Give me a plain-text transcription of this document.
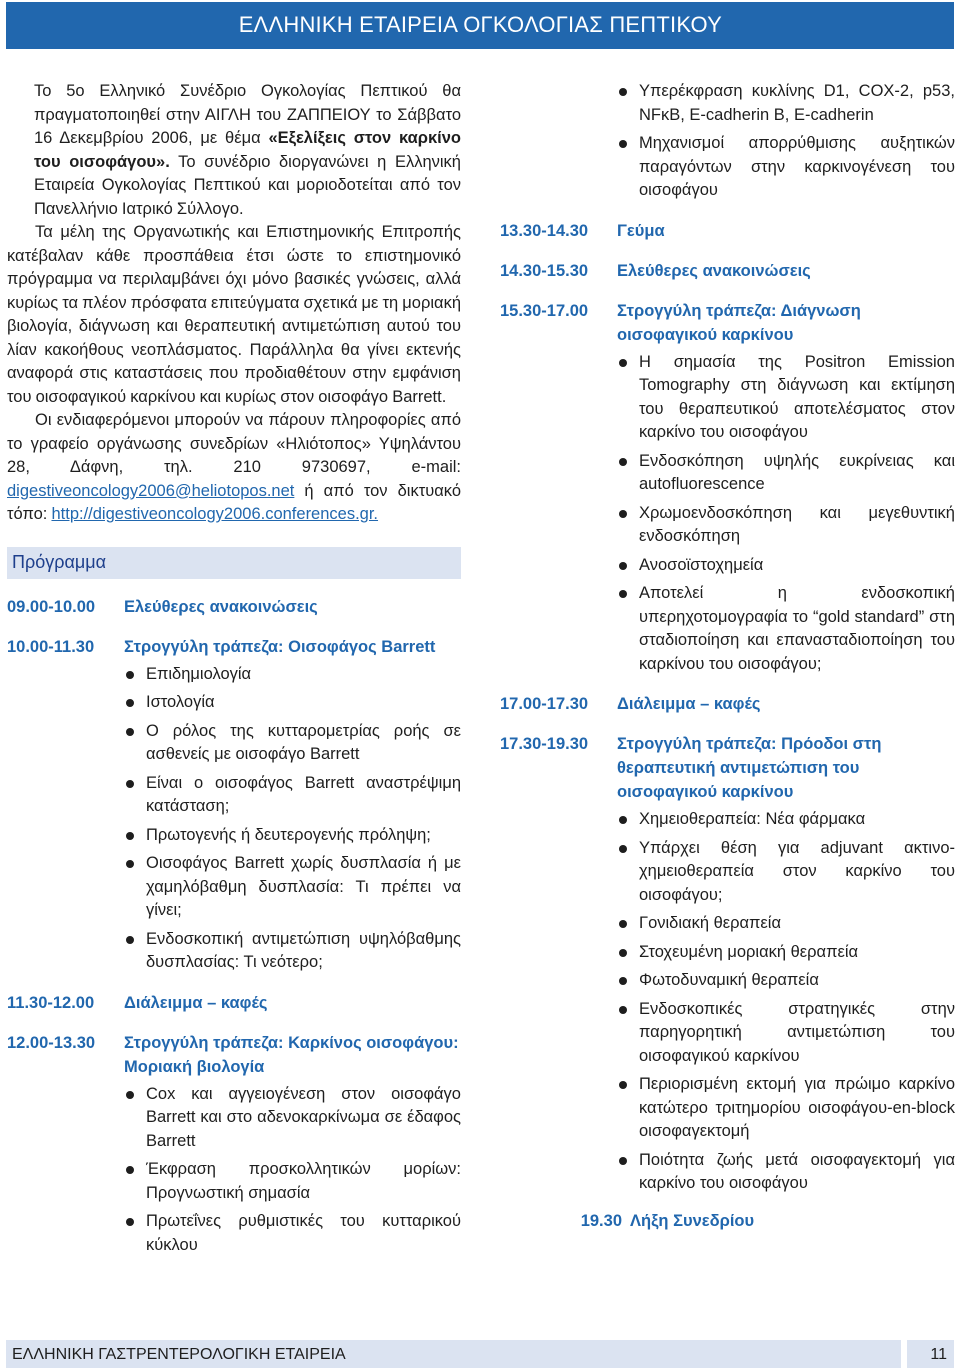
ΕΛΛΗΝΙΚΗ ΕΤΑΙΡΕΙΑ ΟΓΚΟΛΟΓΙΑΣ ΠΕΠΤΙΚΟΥ

Το 5ο Ελληνικό Συνέδριο Ογκολογίας Πεπτικού θα πραγματοποιηθεί στην ΑΙΓΛΗ του ΖΑΠΠΕΙΟΥ το Σάββατο 16 Δεκεμβρίου 2006, με θέμα «Εξελίξεις στον καρκίνο του οισοφάγου». Το συνέδριο διοργανώνει η Ελληνική Εταιρεία Ογκολογίας Πεπτικού και μοριοδοτείται από τον Πανελλήνιο Ιατρικό Σύλλογο.

Τα μέλη της Οργανωτικής και Επιστημονικής Επιτροπής κατέβαλαν κάθε προσπάθεια έτσι ώστε το επιστημονικό πρόγραμμα να περιλαμβάνει όχι μόνο βασικές γνώσεις, αλλά κυρίως τα πλέον πρόσφατα επιτεύγματα σχετικά με τη μοριακή βιολογία, διάγνωση και θεραπευτική αντιμετώπιση αυτού του λίαν κακοήθους νεοπλάσματος. Παράλληλα θα γίνει εκτενής αναφορά στις καταστάσεις που προδιαθέτουν στην εμφάνιση του οισοφαγικού καρκίνου και κυρίως στον οισοφάγο Barrett.

Οι ενδιαφερόμενοι μπορούν να πάρουν πληροφορίες από το γραφείο οργάνωσης συνεδρίων «Ηλιότοπος» Υψηλάντου 28, Δάφνη, τηλ. 210 9730697, e-mail: digestiveoncology2006@heliotopos.net ή από τον δικτυακό τόπο: http://digestiveoncology2006.conferences.gr.

Πρόγραμμα
09.00-10.00	Ελεύθερες ανακοινώσεις
10.00-11.30	Στρογγύλη τράπεζα: Οισοφάγος Barrett
Επιδημιολογία
Ιστολογία
Ο ρόλος της κυτταρομετρίας ροής σε ασθενείς με οισοφάγο Barrett
Είναι ο οισοφάγος Barrett αναστρέψιμη κατάσταση;
Πρωτογενής ή δευτερογενής πρόληψη;
Οισοφάγος Barrett χωρίς δυσπλασία ή με χαμηλόβαθμη δυσπλασία: Τι πρέπει να γίνει;
Ενδοσκοπική αντιμετώπιση υψηλόβαθμης δυσπλασίας: Τι νεότερο;
11.30-12.00	Διάλειμμα – καφές
12.00-13.30	Στρογγύλη τράπεζα: Καρκίνος οισοφάγου: Μοριακή βιολογία
Cox και αγγειογένεση στον οισοφάγο Barrett και στο αδενοκαρκίνωμα σε έδαφος Barrett
Έκφραση προσκολλητικών μορίων: Προγνωστική σημασία
Πρωτεΐνες ρυθμιστικές του κυτταρικού κύκλου
Υπερέκφραση κυκλίνης D1, COX-2, p53, NFκB, E-cadherin B, E-cadherin
Μηχανισμοί απορρύθμισης αυξητικών παραγόντων στην καρκινογένεση του οισοφάγου
13.30-14.30	Γεύμα
14.30-15.30	Ελεύθερες ανακοινώσεις
15.30-17.00	Στρογγύλη τράπεζα: Διάγνωση οισοφαγικού καρκίνου
Η σημασία της Positron Emission Tomography στη διάγνωση και εκτίμηση του θεραπευτικού αποτελέσματος στον καρκίνο του οισοφάγου
Ενδοσκόπηση υψηλής ευκρίνειας και autofluorescence
Χρωμοενδοσκόπηση και μεγεθυντική ενδοσκόπηση
Ανοσοϊστοχημεία
Αποτελεί η ενδοσκοπική υπερηχοτομογραφία το “gold standard” στη σταδιοποίηση και επανασταδιοποίηση του καρκίνου του οισοφάγου;
17.00-17.30	Διάλειμμα – καφές
17.30-19.30	Στρογγύλη τράπεζα: Πρόοδοι στη θεραπευτική αντιμετώπιση του οισοφαγικού καρκίνου
Χημειοθεραπεία: Νέα φάρμακα
Υπάρχει θέση για adjuvant ακτινο-χημειοθεραπεία στον καρκίνο του οισοφάγου;
Γονιδιακή θεραπεία
Στοχευμένη μοριακή θεραπεία
Φωτοδυναμική θεραπεία
Ενδοσκοπικές στρατηγικές στην παρηγορητική αντιμετώπιση του οισοφαγικού καρκίνου
Περιορισμένη εκτομή για πρώιμο καρκίνο κατώτερο τριτημορίου οισοφάγου-en-block οισοφαγεκτομή
Ποιότητα ζωής μετά οισοφαγεκτομή για καρκίνο του οισοφάγου
19.30 Λήξη Συνεδρίου
ΕΛΛΗΝΙΚΗ ΓΑΣΤΡΕΝΤΕΡΟΛΟΓΙΚΗ ΕΤΑΙΡΕΙΑ	11
